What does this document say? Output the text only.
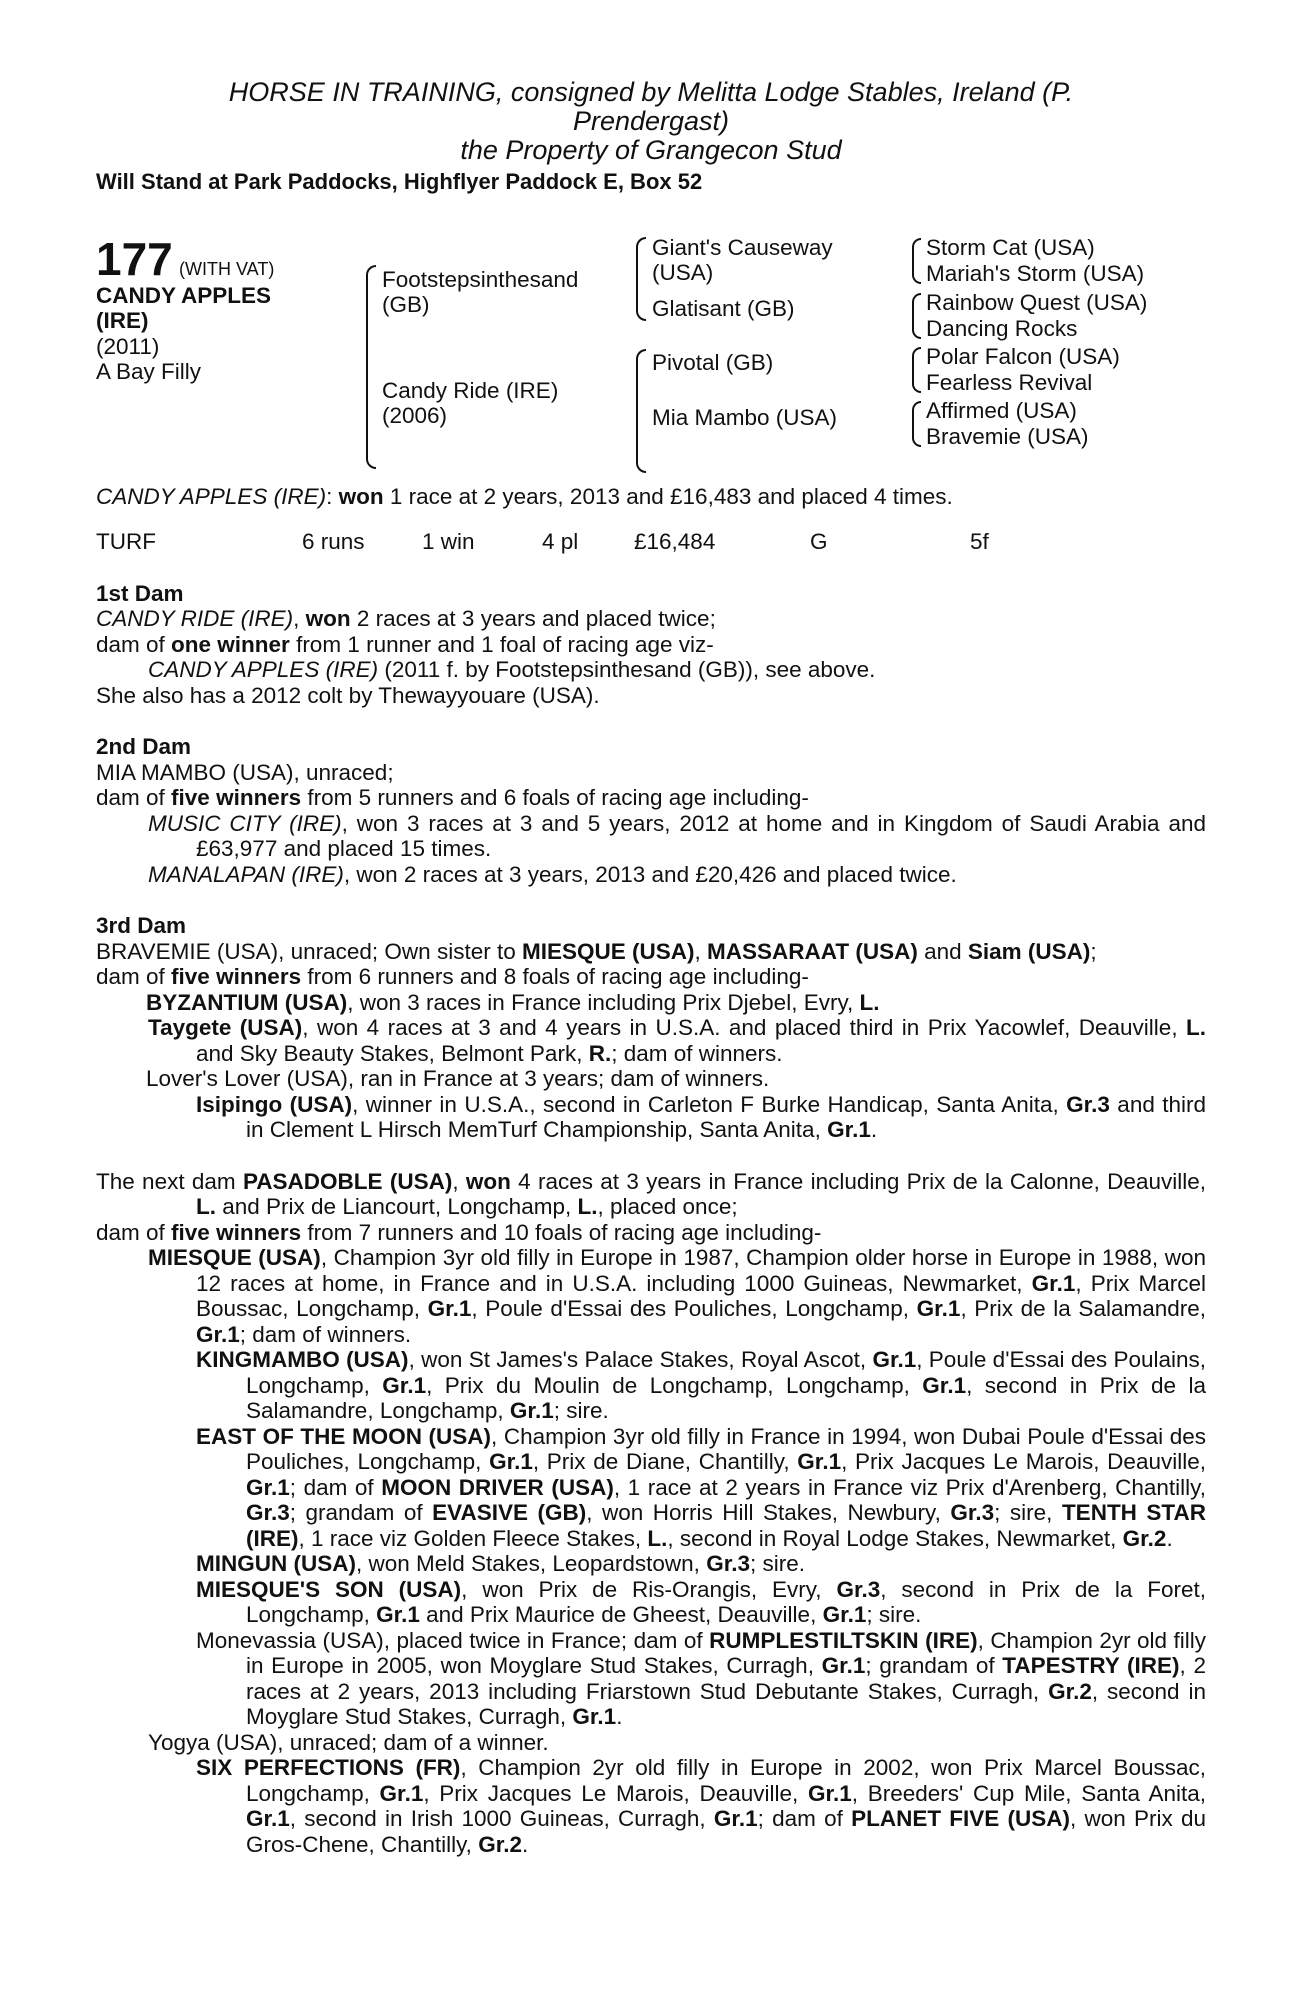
HORSE IN TRAINING, consigned by Melitta Lodge Stables, Ireland (P.
Prendergast)
the Property of Grangecon Stud
Will Stand at Park Paddocks, Highflyer Paddock E, Box 52
177 (WITH VAT)
CANDY APPLES
(IRE)
(2011)
A Bay Filly
Footstepsinthesand (GB)
Candy Ride (IRE) (2006)
Giant's Causeway (USA)
Glatisant (GB)
Pivotal (GB)
Mia Mambo (USA)
Storm Cat (USA)
Mariah's Storm (USA)
Rainbow Quest (USA)
Dancing Rocks
Polar Falcon (USA)
Fearless Revival
Affirmed (USA)
Bravemie (USA)

CANDY APPLES (IRE): won 1 race at 2 years, 2013 and £16,483 and placed 4 times.

TURF	6 runs	1 win	4 pl	£16,484	G	5f
1st Dam

CANDY RIDE (IRE), won 2 races at 3 years and placed twice;

dam of one winner from 1 runner and 1 foal of racing age viz-

CANDY APPLES (IRE) (2011 f. by Footstepsinthesand (GB)), see above.

She also has a 2012 colt by Thewayyouare (USA).

2nd Dam

MIA MAMBO (USA), unraced;

dam of five winners from 5 runners and 6 foals of racing age including-

MUSIC CITY (IRE), won 3 races at 3 and 5 years, 2012 at home and in Kingdom of Saudi Arabia and £63,977 and placed 15 times.

MANALAPAN (IRE), won 2 races at 3 years, 2013 and £20,426 and placed twice.

3rd Dam

BRAVEMIE (USA), unraced; Own sister to MIESQUE (USA), MASSARAAT (USA) and Siam (USA);

dam of five winners from 6 runners and 8 foals of racing age including-

BYZANTIUM (USA), won 3 races in France including Prix Djebel, Evry, L.

Taygete (USA), won 4 races at 3 and 4 years in U.S.A. and placed third in Prix Yacowlef, Deauville, L. and Sky Beauty Stakes, Belmont Park, R.; dam of winners.

Lover's Lover (USA), ran in France at 3 years; dam of winners.

Isipingo (USA), winner in U.S.A., second in Carleton F Burke Handicap, Santa Anita, Gr.3 and third in Clement L Hirsch MemTurf Championship, Santa Anita, Gr.1.

The next dam PASADOBLE (USA), won 4 races at 3 years in France including Prix de la Calonne, Deauville, L. and Prix de Liancourt, Longchamp, L., placed once;

dam of five winners from 7 runners and 10 foals of racing age including-

MIESQUE (USA), Champion 3yr old filly in Europe in 1987, Champion older horse in Europe in 1988, won 12 races at home, in France and in U.S.A. including 1000 Guineas, Newmarket, Gr.1, Prix Marcel Boussac, Longchamp, Gr.1, Poule d'Essai des Pouliches, Longchamp, Gr.1, Prix de la Salamandre, Gr.1; dam of winners.

KINGMAMBO (USA), won St James's Palace Stakes, Royal Ascot, Gr.1, Poule d'Essai des Poulains, Longchamp, Gr.1, Prix du Moulin de Longchamp, Longchamp, Gr.1, second in Prix de la Salamandre, Longchamp, Gr.1; sire.

EAST OF THE MOON (USA), Champion 3yr old filly in France in 1994, won Dubai Poule d'Essai des Pouliches, Longchamp, Gr.1, Prix de Diane, Chantilly, Gr.1, Prix Jacques Le Marois, Deauville, Gr.1; dam of MOON DRIVER (USA), 1 race at 2 years in France viz Prix d'Arenberg, Chantilly, Gr.3; grandam of EVASIVE (GB), won Horris Hill Stakes, Newbury, Gr.3; sire, TENTH STAR (IRE), 1 race viz Golden Fleece Stakes, L., second in Royal Lodge Stakes, Newmarket, Gr.2.

MINGUN (USA), won Meld Stakes, Leopardstown, Gr.3; sire.

MIESQUE'S SON (USA), won Prix de Ris-Orangis, Evry, Gr.3, second in Prix de la Foret, Longchamp, Gr.1 and Prix Maurice de Gheest, Deauville, Gr.1; sire.

Monevassia (USA), placed twice in France; dam of RUMPLESTILTSKIN (IRE), Champion 2yr old filly in Europe in 2005, won Moyglare Stud Stakes, Curragh, Gr.1; grandam of TAPESTRY (IRE), 2 races at 2 years, 2013 including Friarstown Stud Debutante Stakes, Curragh, Gr.2, second in Moyglare Stud Stakes, Curragh, Gr.1.

Yogya (USA), unraced; dam of a winner.

SIX PERFECTIONS (FR), Champion 2yr old filly in Europe in 2002, won Prix Marcel Boussac, Longchamp, Gr.1, Prix Jacques Le Marois, Deauville, Gr.1, Breeders' Cup Mile, Santa Anita, Gr.1, second in Irish 1000 Guineas, Curragh, Gr.1; dam of PLANET FIVE (USA), won Prix du Gros-Chene, Chantilly, Gr.2.
